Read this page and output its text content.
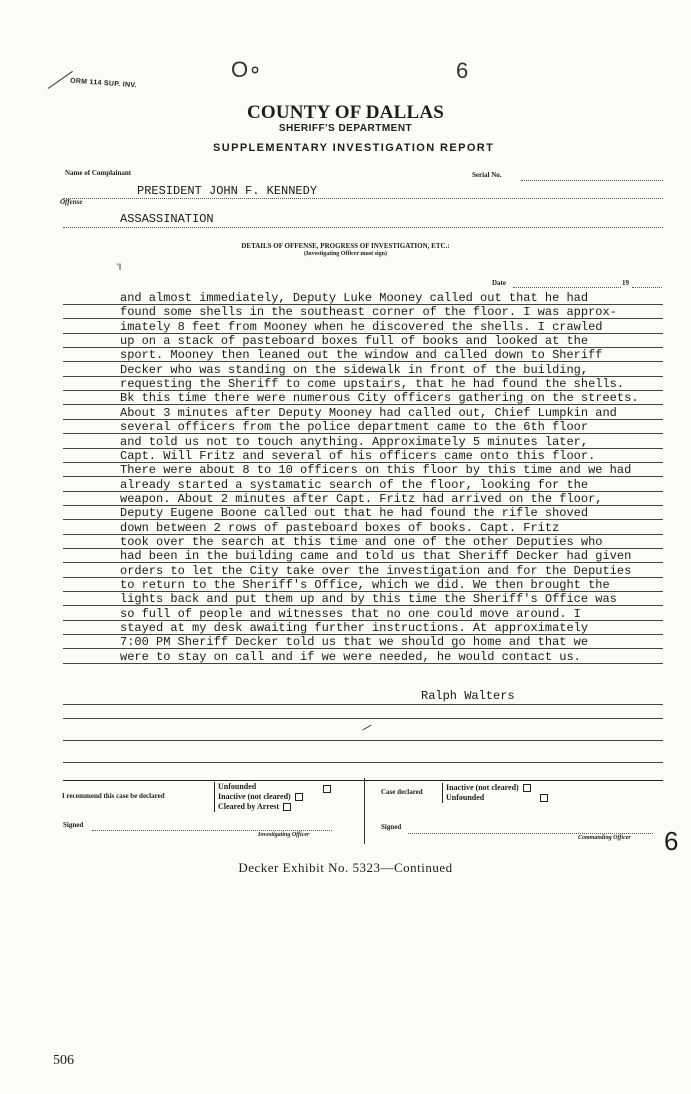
ORM 114 SUP. INV.
O∘	6
COUNTY OF DALLAS
SHERIFF'S DEPARTMENT
SUPPLEMENTARY INVESTIGATION REPORT
Name of Complainant	Serial No.
PRESIDENT JOHN F. KENNEDY
Offense
ASSASSINATION
DETAILS OF OFFENSE, PROGRESS OF INVESTIGATION, ETC.:
(Investigating Officer must sign)
'I
Date	19
and almost immediately, Deputy Luke Mooney called out that he had
found some shells in the southeast corner of the floor. I was approx-
imately 8 feet from Mooney when he discovered the shells. I crawled
up on a stack of pasteboard boxes full of books and looked at the
sport. Mooney then leaned out the window and called down to Sheriff
Decker who was standing on the sidewalk in front of the building,
requesting the Sheriff to come upstairs, that he had found the shells.
Bk this time there were numerous City officers gathering on the streets.
About 3 minutes after Deputy Mooney had called out, Chief Lumpkin and
several officers from the police department came to the 6th floor
and told us not to touch anything. Approximately 5 minutes later,
Capt. Will Fritz and several of his officers came onto this floor.
There were about 8 to 10 officers on this floor by this time and we had
already started a systamatic search of the floor, looking for the
weapon. About 2 minutes after Capt. Fritz had arrived on the floor,
Deputy Eugene Boone called out that he had found the rifle shoved
down between 2 rows of pasteboard boxes of books. Capt. Fritz
took over the search at this time and one of the other Deputies who
had been in the building came and told us that Sheriff Decker had given
orders to let the City take over the investigation and for the Deputies
to return to the Sheriff's Office, which we did. We then brought the
lights back and put them up and by this time the Sheriff's Office was
so full of people and witnesses that no one could move around. I
stayed at my desk awaiting further instructions. At approximately
7:00 PM Sheriff Decker told us that we should go home and that we
were to stay on call and if we were needed, he would contact us.
Ralph Walters
I recommend this case be declared
Unfounded
Inactive (not cleared)
Cleared by Arrest
Case declared	Inactive (not cleared)
Unfounded
Signed
Investigating Officer
Signed
Commanding Officer 6
Decker Exhibit No. 5323—Continued
506
